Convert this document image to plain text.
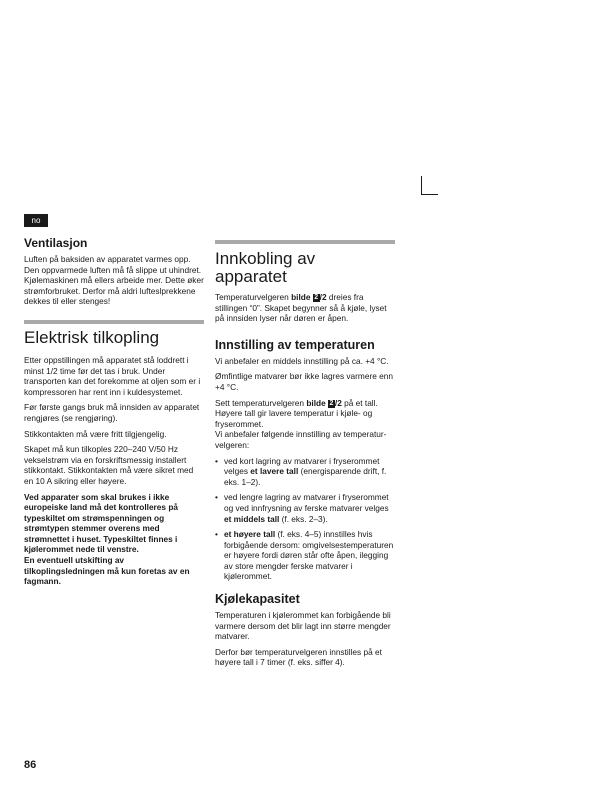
no
Ventilasjon

Luften på baksiden av apparatet varmes opp. Den oppvarmede luften må få slippe ut uhindret. Kjølemaskinen må ellers arbeide mer. Dette øker strømforbruket. Derfor må aldri lufteslprekkene dekkes til eller stenges!

Elektrisk tilkopling

Etter oppstillingen må apparatet stå loddrett i minst 1/2 time før det tas i bruk. Under transporten kan det forekomme at oljen som er i kompressoren har rent inn i kuldesystemet.

Før første gangs bruk må innsiden av apparatet rengjøres (se rengjøring).

Stikkontakten må være fritt tilgjengelig.

Skapet må kun tilkoples 220–240 V/50 Hz vekselstrøm via en forskriftsmessig installert stikkontakt. Stikkontakten må være sikret med en 10 A sikring eller høyere.

Ved apparater som skal brukes i ikke europeiske land må det kontrolleres på typeskiltet om strømspenningen og strømtypen stemmer overens med strømnettet i huset. Typeskiltet finnes i kjølerommet nede til venstre.

En eventuell utskifting av tilkoplingsledningen må kun foretas av en fagmann.

Innkobling av
apparatet

Temperaturvelgeren bilde 2 /2 dreies fra stillingen “0”. Skapet begynner så å kjøle, lyset på innsiden lyser når døren er åpen.

Innstilling av temperaturen

Vi anbefaler en middels innstilling på ca. +4 °C.

Ømfintlige matvarer bør ikke lagres varmere enn +4 °C.

Sett temperaturvelgeren bilde 2 /2 på et tall. Høyere tall gir lavere temperatur i kjøle- og fryserommet.

Vi anbefaler følgende innstilling av temperatur- velgeren:

• ved kort lagring av matvarer i fryserommet velges et lavere tall (energisparende drift, f. eks. 1–2).
• ved lengre lagring av matvarer i fryserommet og ved innfrysning av ferske matvarer velges et middels tall (f. eks. 2–3).
• et høyere tall (f. eks. 4–5) innstilles hvis forbigående dersom: omgivelsestemperaturen er høyere fordi døren står ofte åpen, ilegging av store mengder ferske matvarer i kjølerommet.
Kjølekapasitet

Temperaturen i kjølerommet kan forbigående bli varmere dersom det blir lagt inn større mengder matvarer.

Derfor bør temperaturvelgeren innstilles på et høyere tall i 7 timer (f. eks. siffer 4).

86
